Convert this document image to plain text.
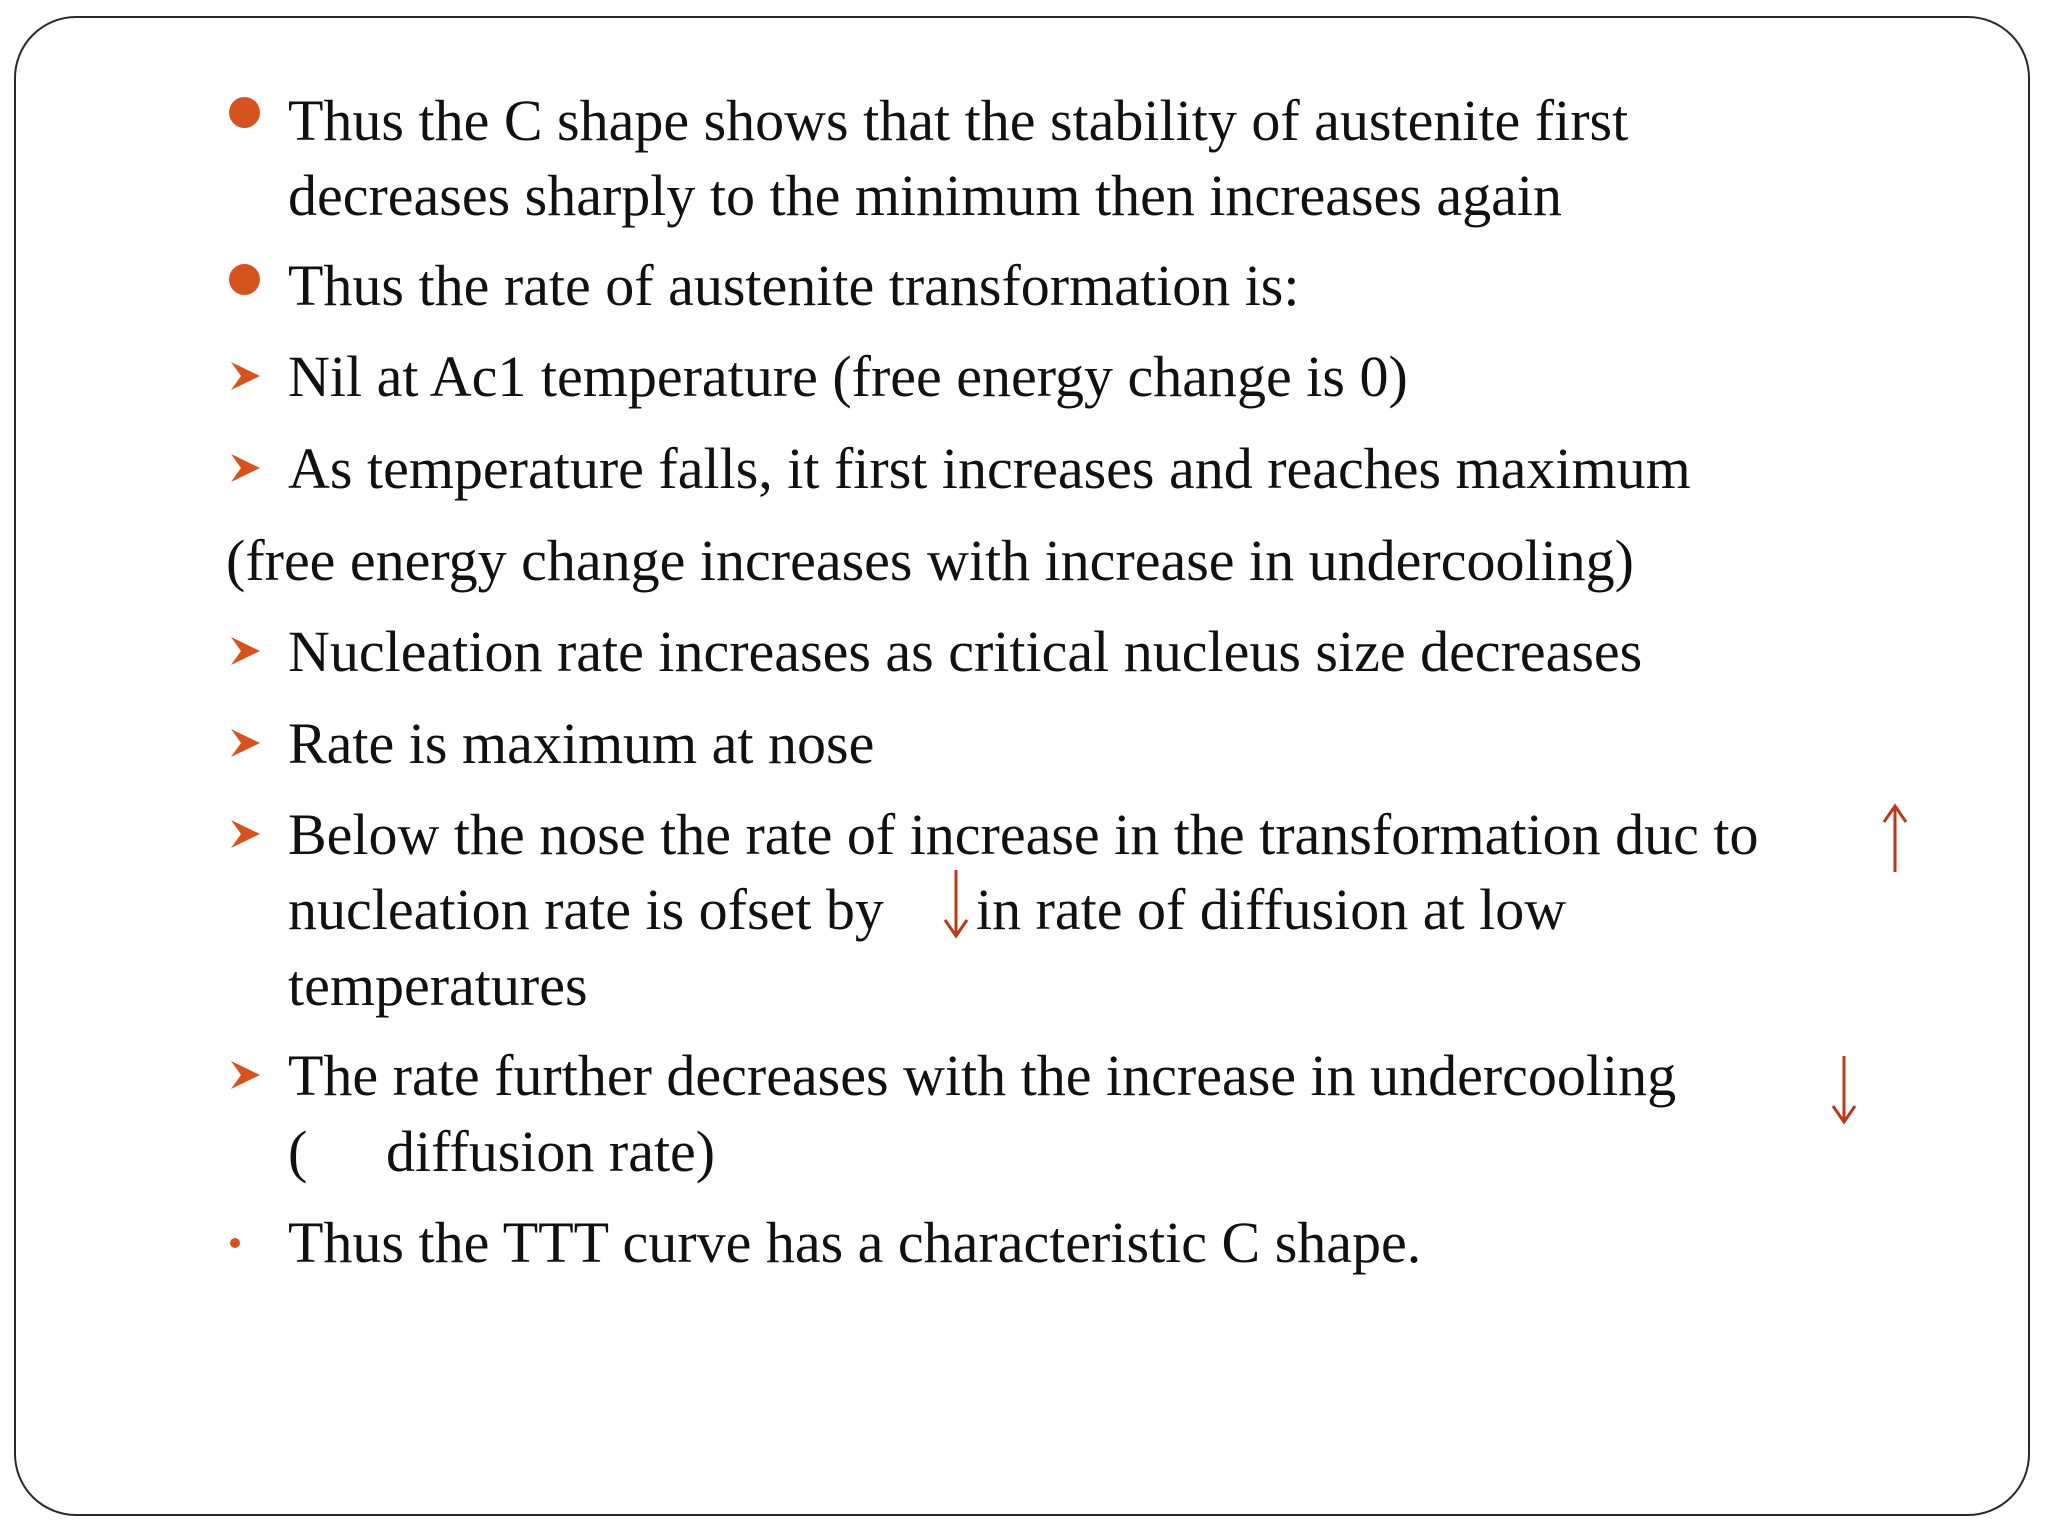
Thus the C shape shows that the stability of austenite first
decreases sharply to the minimum then increases again
Thus the rate of austenite transformation is:
Nil at Ac1 temperature (free energy change is 0)
As temperature falls, it first increases and reaches maximum
(free energy change increases with increase in undercooling)
Nucleation rate increases as critical nucleus size decreases
Rate is maximum at nose
Below the nose the rate of increase in the transformation duc to
nucleation rate is ofset by in rate of diffusion at low
temperatures
The rate further decreases with the increase in undercooling
( diffusion rate)
Thus the TTT curve has a characteristic C shape.
